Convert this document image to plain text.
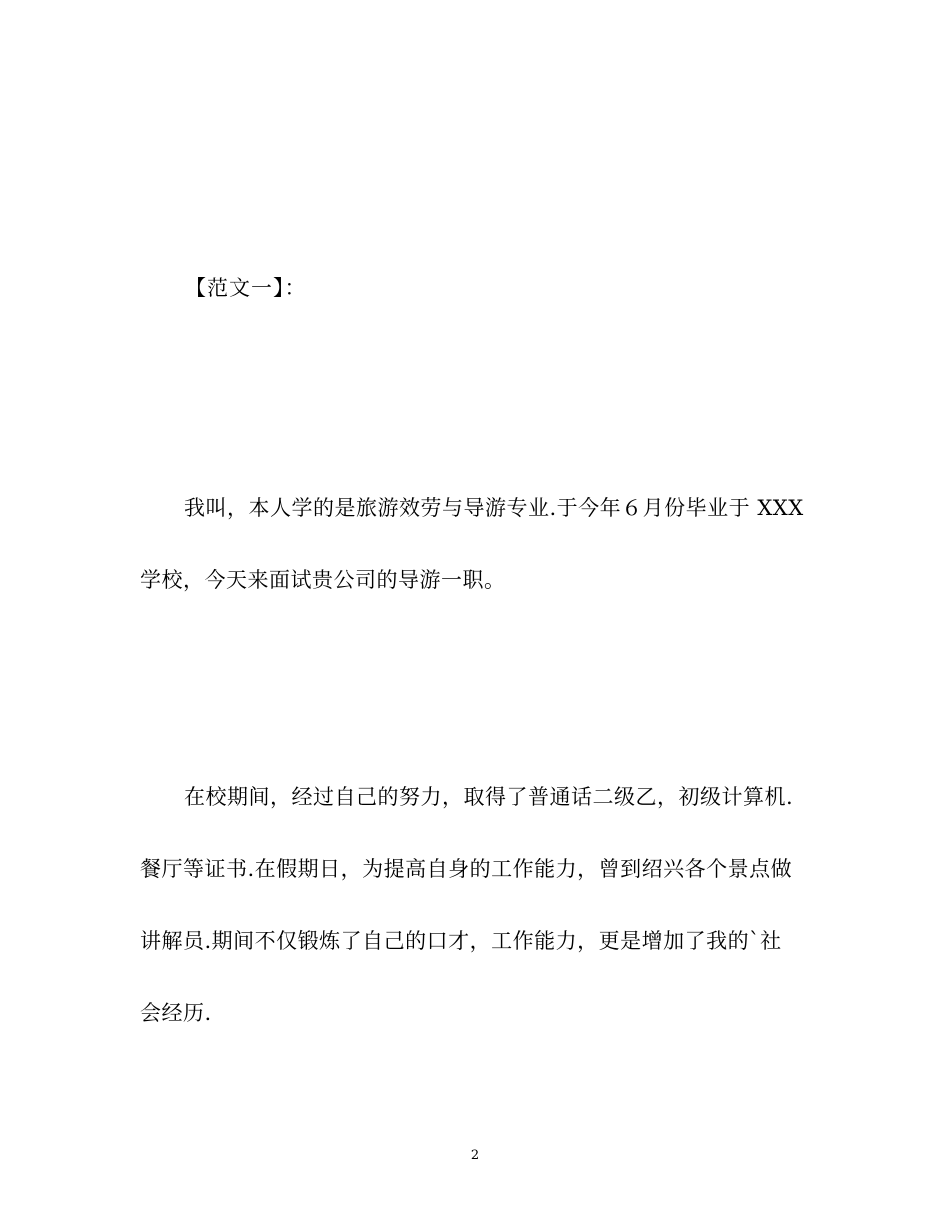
【范文一】：
我叫，本人学的是旅游效劳与导游专业.于今年６月份毕业于 XXX
学校，今天来面试贵公司的导游一职。
在校期间，经过自己的努力，取得了普通话二级乙，初级计算机.
餐厅等证书.在假期日，为提高自身的工作能力，曾到绍兴各个景点做
讲解员.期间不仅锻炼了自己的口才，工作能力，更是增加了我的`社
会经历.
2
